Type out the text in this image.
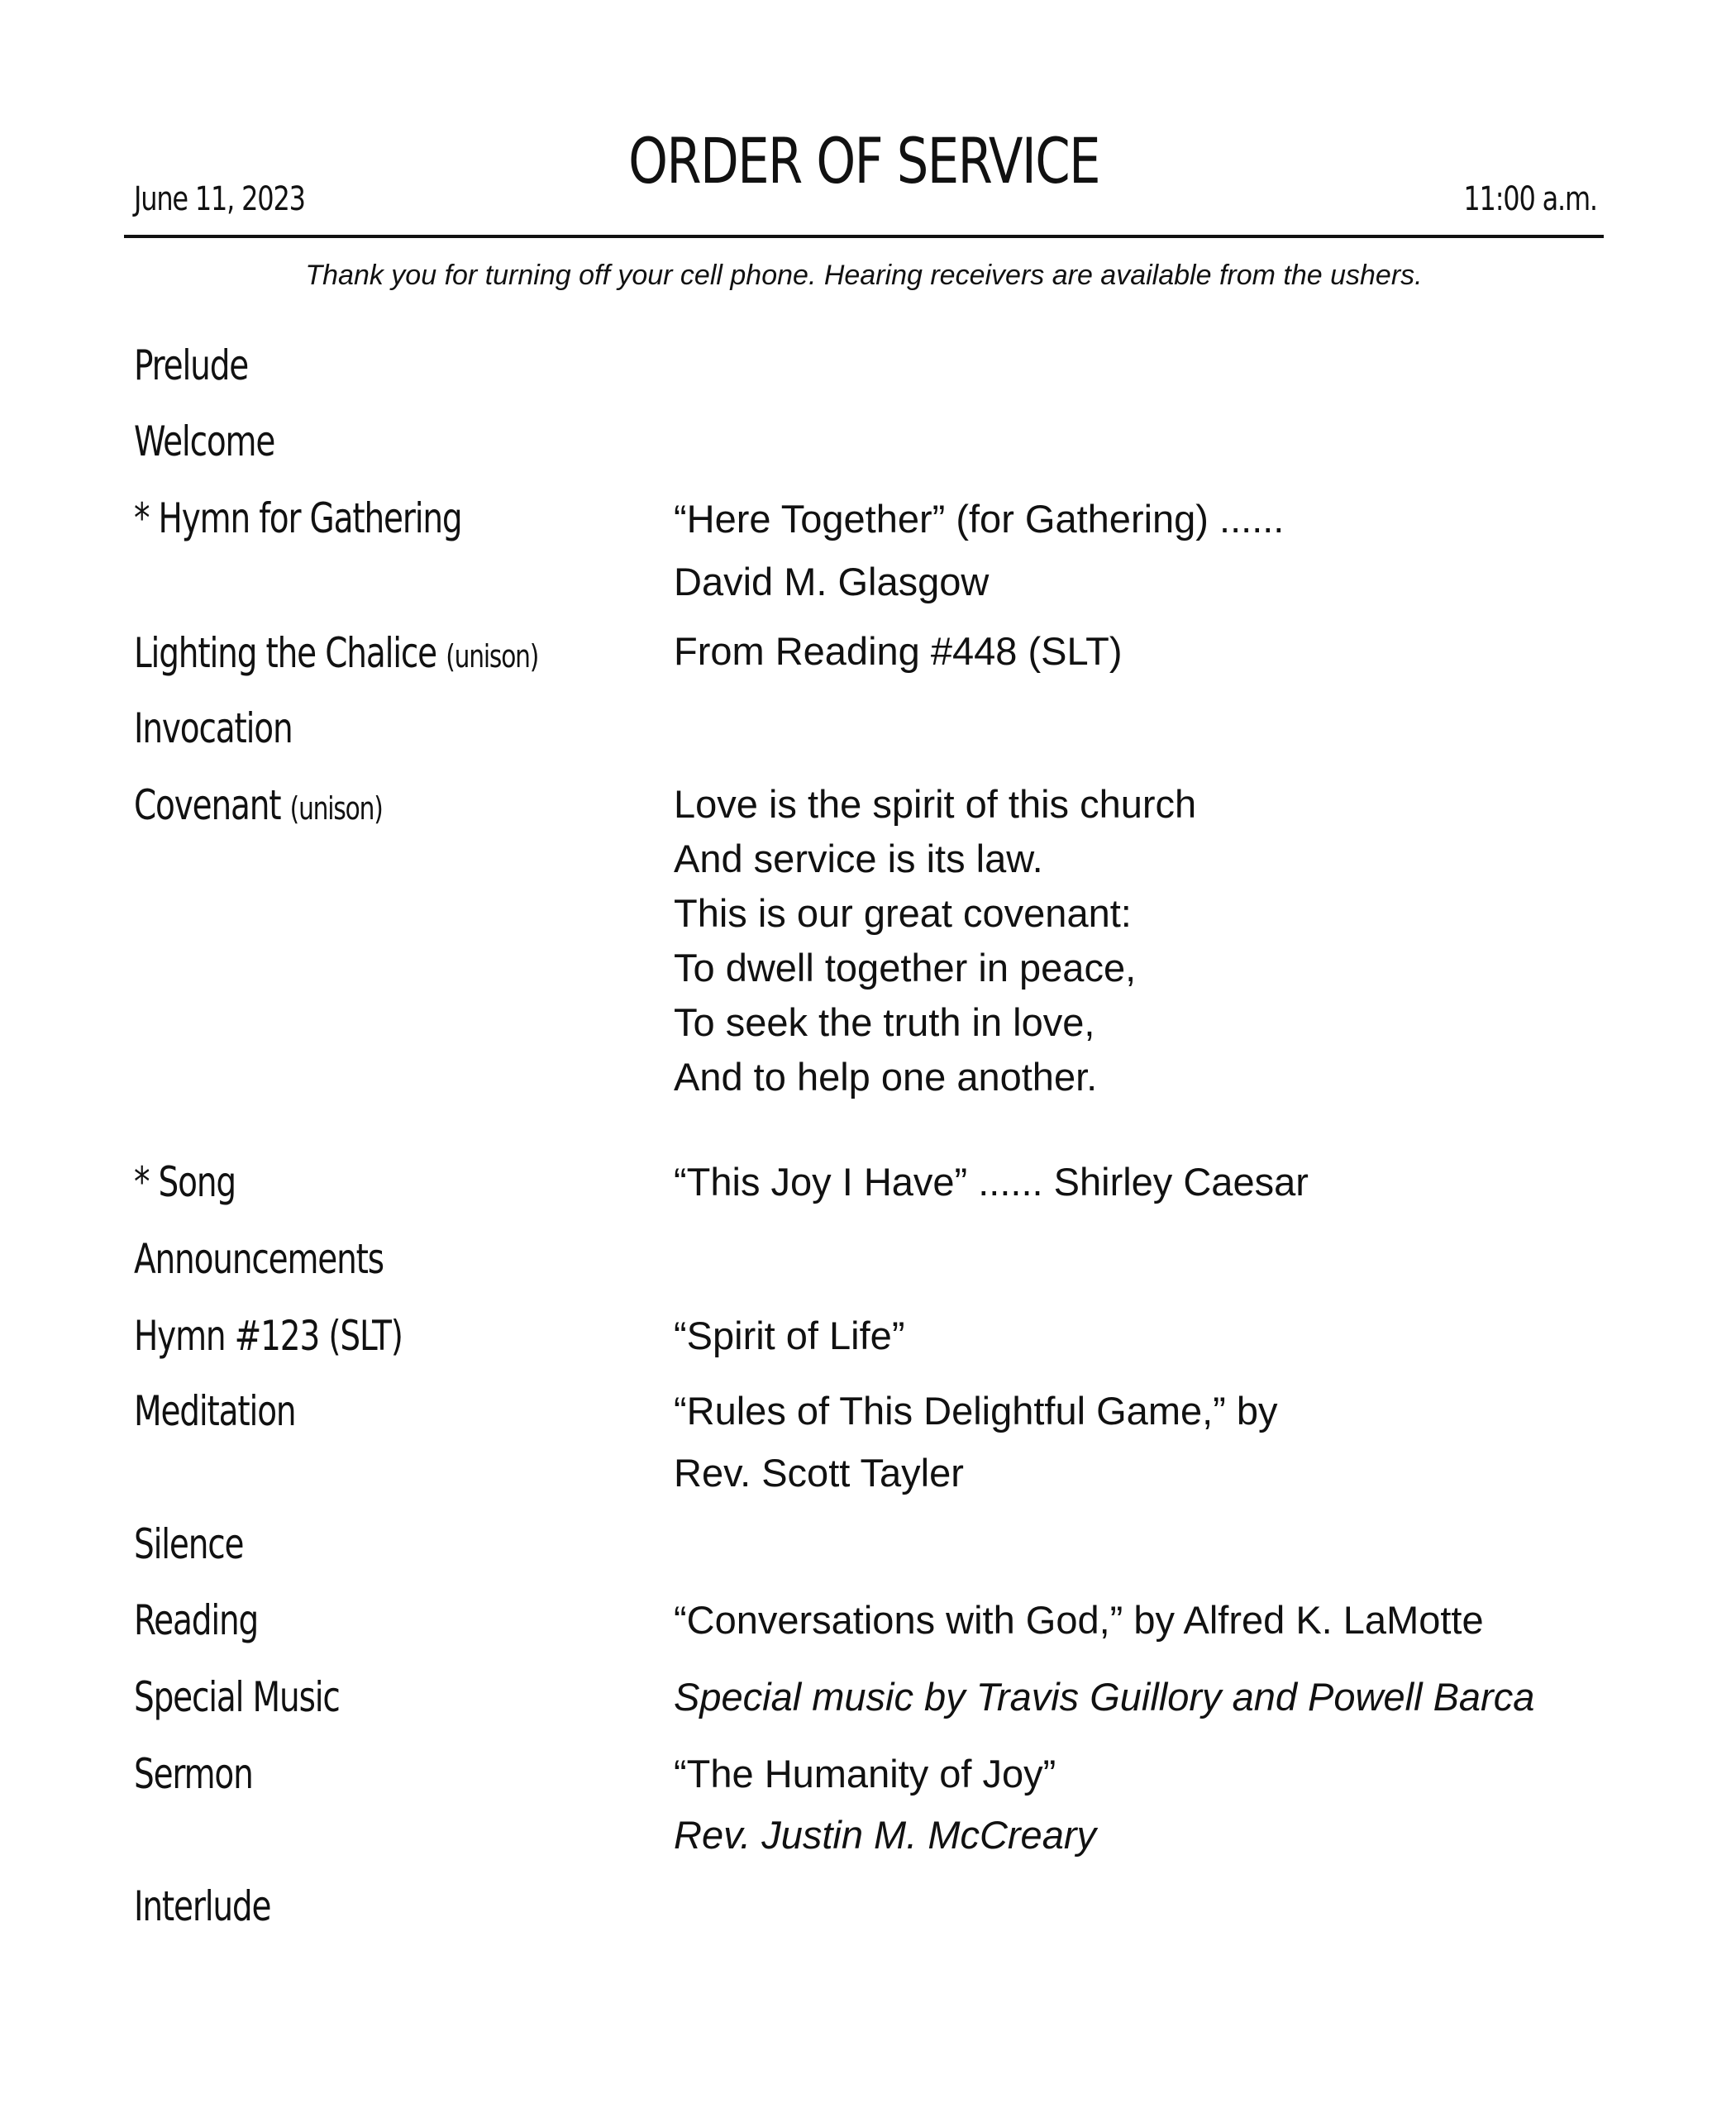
June 11, 2023
ORDER OF SERVICE
11:00 a.m.
Thank you for turning off your cell phone. Hearing receivers are available from the ushers.
Prelude
Welcome
* Hymn for Gathering	“Here Together” (for Gathering) ......
David M. Glasgow
Lighting the Chalice (unison)	From Reading #448 (SLT)
Invocation
Covenant (unison)	Love is the spirit of this church
And service is its law.
This is our great covenant:
To dwell together in peace,
To seek the truth in love,
And to help one another.
* Song	“This Joy I Have” ...... Shirley Caesar
Announcements
Hymn #123 (SLT)	“Spirit of Life”
Meditation	“Rules of This Delightful Game,” by
Rev. Scott Tayler
Silence
Reading	“Conversations with God,” by Alfred K. LaMotte
Special Music	Special music by Travis Guillory and Powell Barca
Sermon	“The Humanity of Joy”
Rev. Justin M. McCreary
Interlude
